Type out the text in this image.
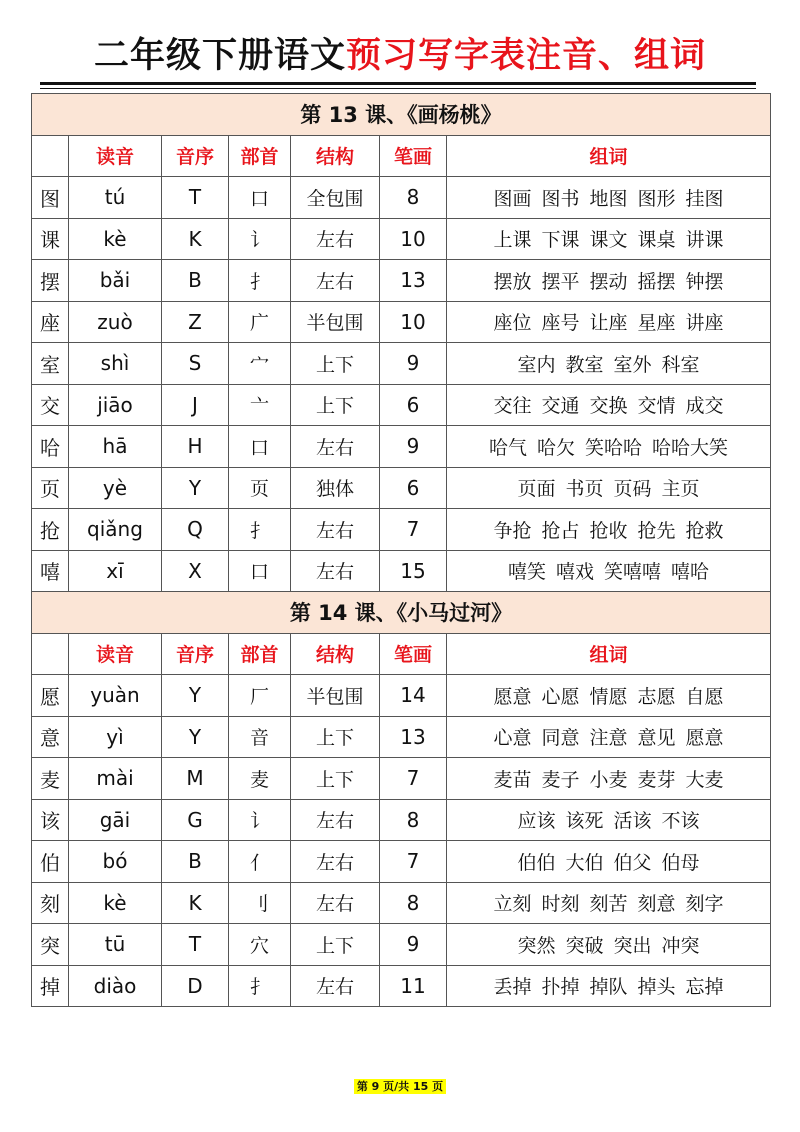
二年级下册语文预习写字表注音、组词
第 13 课、《画杨桃》						
	读音	音序	部首	结构	笔画	组词
图	tú	T	口	全包围	8	图画 图书 地图 图形 挂图
课	kè	K	讠	左右	10	上课 下课 课文 课桌 讲课
摆	bǎi	B	扌	左右	13	摆放 摆平 摆动 摇摆 钟摆
座	zuò	Z	广	半包围	10	座位 座号 让座 星座 讲座
室	shì	S	宀	上下	9	室内 教室 室外 科室
交	jiāo	J	亠	上下	6	交往 交通 交换 交情 成交
哈	hā	H	口	左右	9	哈气 哈欠 笑哈哈 哈哈大笑
页	yè	Y	页	独体	6	页面 书页 页码 主页
抢	qiǎng	Q	扌	左右	7	争抢 抢占 抢收 抢先 抢救
嘻	xī	X	口	左右	15	嘻笑 嘻戏 笑嘻嘻 嘻哈
第 14 课、《小马过河》						
	读音	音序	部首	结构	笔画	组词
愿	yuàn	Y	厂	半包围	14	愿意 心愿 情愿 志愿 自愿
意	yì	Y	音	上下	13	心意 同意 注意 意见 愿意
麦	mài	M	麦	上下	7	麦苗 麦子 小麦 麦芽 大麦
该	gāi	G	讠	左右	8	应该 该死 活该 不该
伯	bó	B	亻	左右	7	伯伯 大伯 伯父 伯母
刻	kè	K	刂	左右	8	立刻 时刻 刻苦 刻意 刻字
突	tū	T	穴	上下	9	突然 突破 突出 冲突
掉	diào	D	扌	左右	11	丢掉 扑掉 掉队 掉头 忘掉
第 9 页/共 15 页
